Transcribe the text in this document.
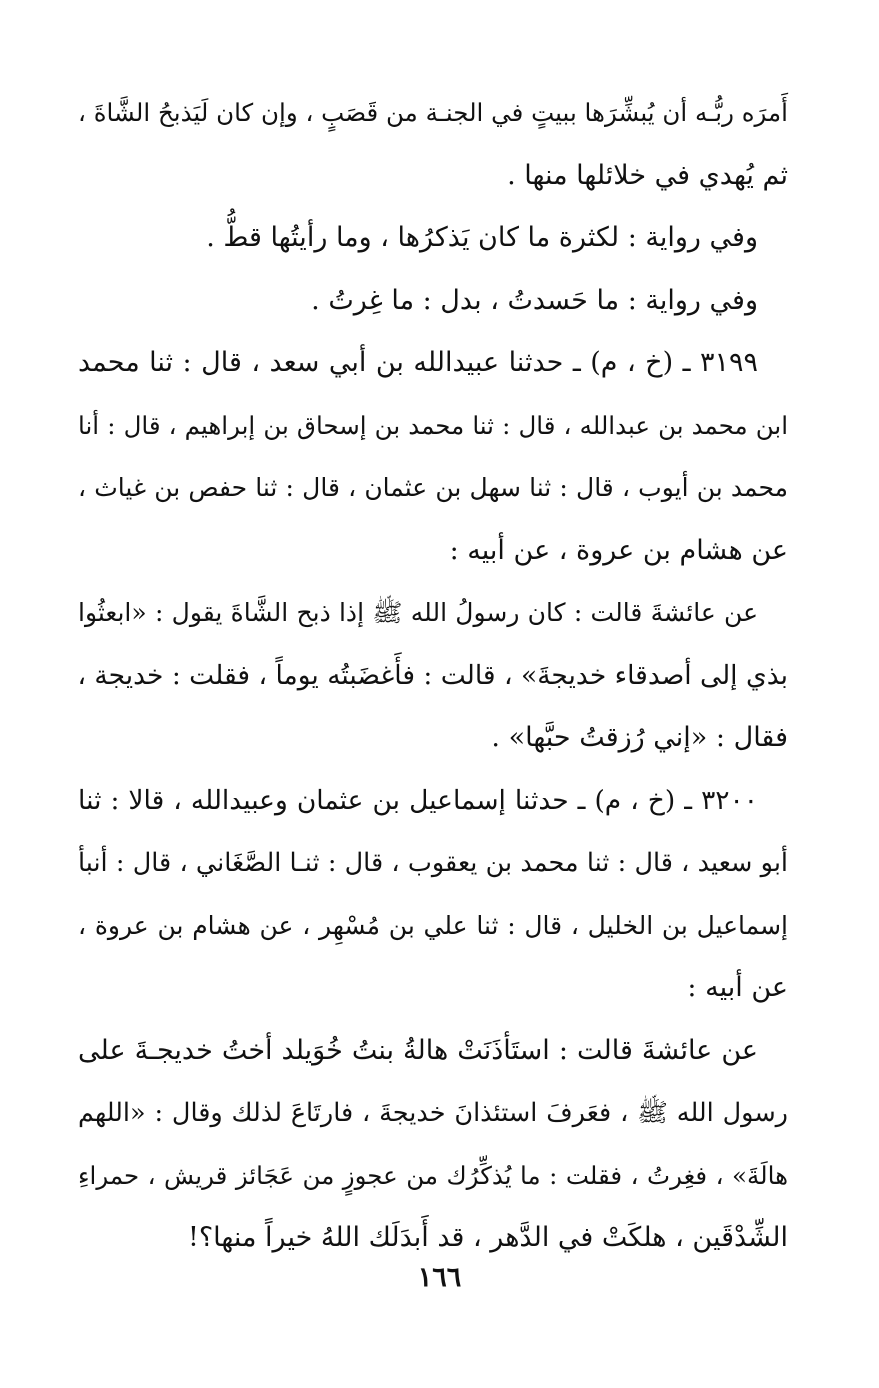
أَمرَه ربُّـه أن يُبشِّرَها ببيتٍ في الجنـة من قَصَبٍ ، وإن كان لَيَذبحُ الشَّاةَ ،
ثم يُهدي في خلائلها منها .
وفي رواية : لكثرة ما كان يَذكرُها ، وما رأيتُها قطُّ .
وفي رواية : ما حَسدتُ ، بدل : ما غِرتُ .
٣١٩٩ ـ (خ ، م) ـ حدثنا عبيدالله بن أبي سعد ، قال : ثنا محمد
ابن محمد بن عبدالله ، قال : ثنا محمد بن إسحاق بن إبراهيم ، قال : أنا
محمد بن أيوب ، قال : ثنا سهل بن عثمان ، قال : ثنا حفص بن غياث ،
عن هشام بن عروة ، عن أبيه :
عن عائشةَ قالت : كان رسولُ الله ﷺ إذا ذبح الشَّاةَ يقول : «ابعثُوا
بذي إلى أصدقاء خديجةَ» ، قالت : فأَغضَبتُه يوماً ، فقلت : خديجة ،
فقال : «إني رُزقتُ حبَّها» .
٣٢٠٠ ـ (خ ، م) ـ حدثنا إسماعيل بن عثمان وعبيدالله ، قالا : ثنا
أبو سعيد ، قال : ثنا محمد بن يعقوب ، قال : ثنـا الصَّغَاني ، قال : أنبأ
إسماعيل بن الخليل ، قال : ثنا علي بن مُسْهِر ، عن هشام بن عروة ،
عن أبيه :
عن عائشةَ قالت : استَأذَنَتْ هالةُ بنتُ خُوَيلد أختُ خديجـةَ على
رسول الله ﷺ ، فعَرفَ استئذانَ خديجةَ ، فارتَاعَ لذلك وقال : «اللهم
هالَةَ» ، فغِرتُ ، فقلت : ما يُذكِّرُك من عجوزٍ من عَجَائز قريش ، حمراءِ
الشِّدْقَين ، هلكَتْ في الدَّهر ، قد أَبدَلَك اللهُ خيراً منها؟!
١٦٦
